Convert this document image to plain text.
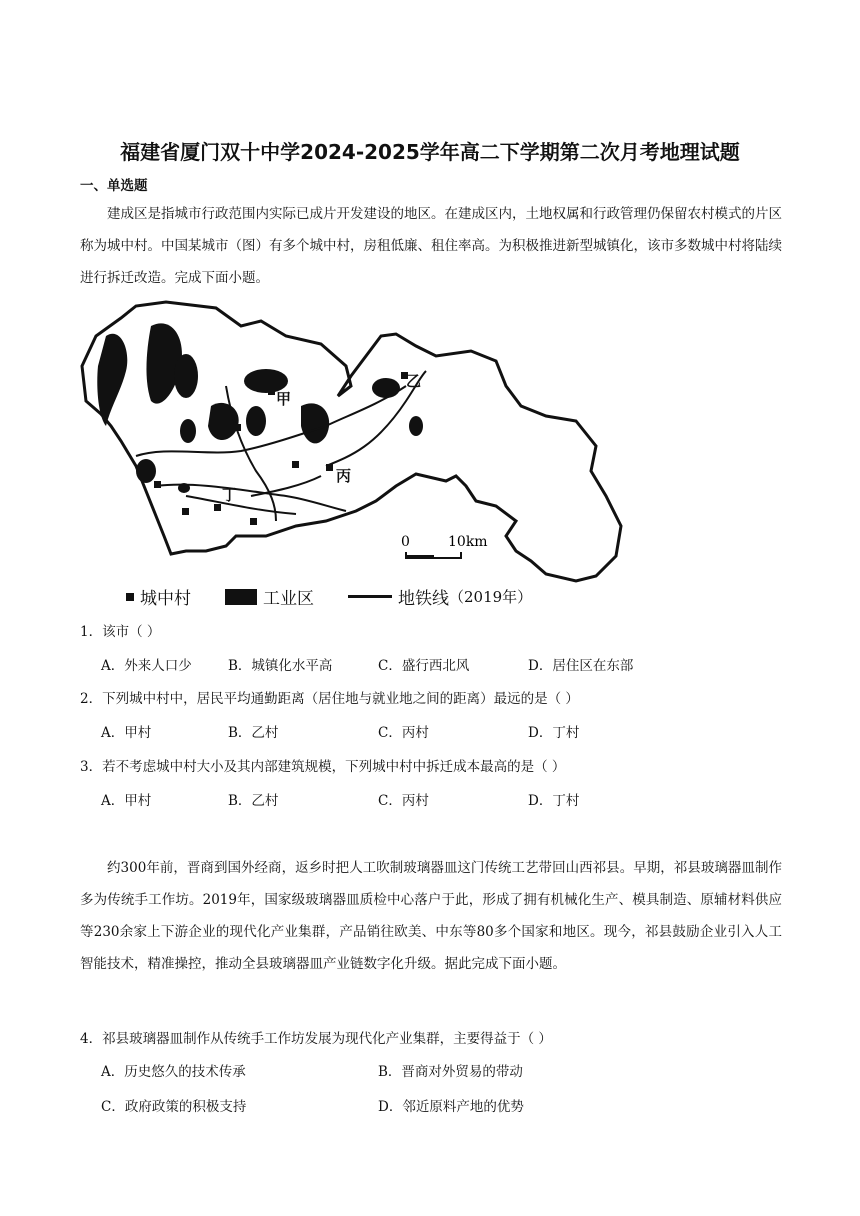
福建省厦门双十中学2024-2025学年高二下学期第二次月考地理试题
一、单选题

建成区是指城市行政范围内实际已成片开发建设的地区。在建成区内，土地权属和行政管理仍保留农村模式的片区称为城中村。中国某城市（图）有多个城中村，房租低廉、租住率高。为积极推进新型城镇化，该市多数城中村将陆续进行拆迁改造。完成下面小题。

甲
乙
丙
丁
0	10km
城中村	工业区	地铁线 （2019年）
1．该市（ ）
A．外来人口少	B．城镇化水平高	C．盛行西北风	D．居住区在东部
2．下列城中村中，居民平均通勤距离（居住地与就业地之间的距离）最远的是（ ）
A．甲村	B．乙村	C．丙村	D．丁村
3．若不考虑城中村大小及其内部建筑规模，下列城中村中拆迁成本最高的是（ ）
A．甲村	B．乙村	C．丙村	D．丁村

约300年前，晋商到国外经商，返乡时把人工吹制玻璃器皿这门传统工艺带回山西祁县。早期，祁县玻璃器皿制作多为传统手工作坊。2019年，国家级玻璃器皿质检中心落户于此，形成了拥有机械化生产、模具制造、原辅材料供应等230余家上下游企业的现代化产业集群，产品销往欧美、中东等80多个国家和地区。现今，祁县鼓励企业引入人工智能技术，精准操控，推动全县玻璃器皿产业链数字化升级。据此完成下面小题。

4．祁县玻璃器皿制作从传统手工作坊发展为现代化产业集群，主要得益于（ ）
A．历史悠久的技术传承	B．晋商对外贸易的带动
C．政府政策的积极支持	D．邻近原料产地的优势
